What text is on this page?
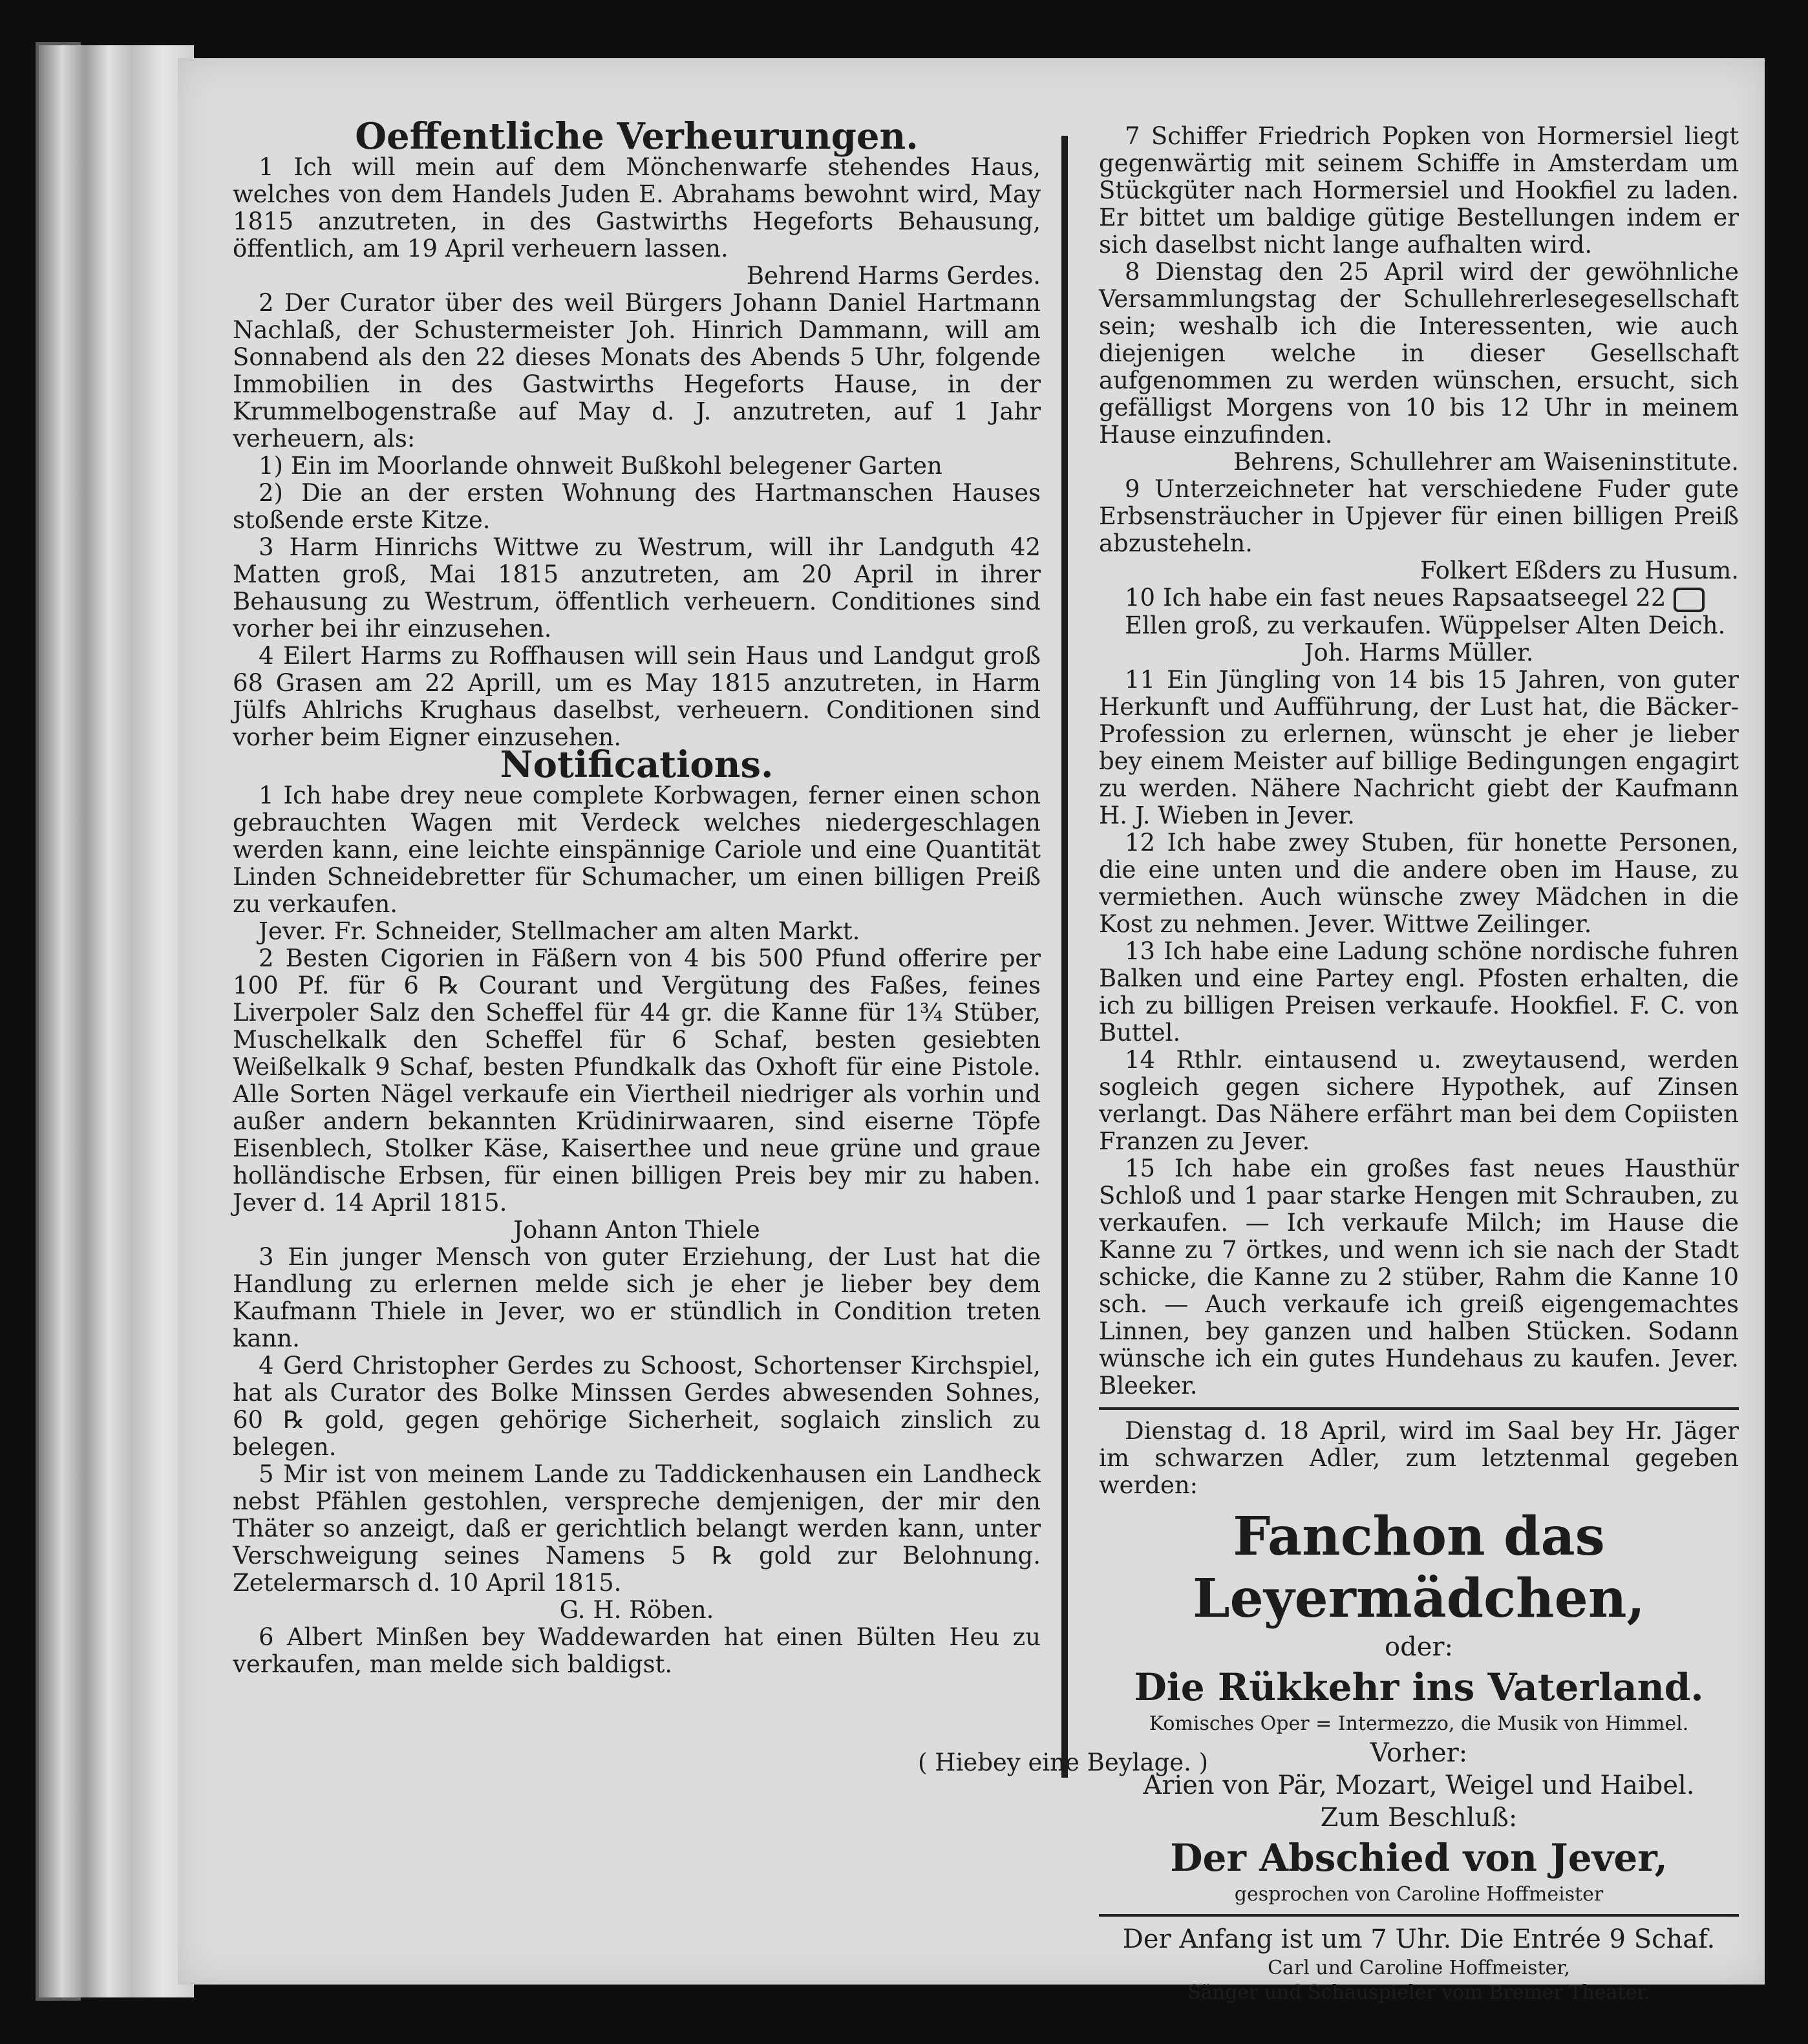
Oeffentliche Verheurungen.

1 Ich will mein auf dem Mönchenwarfe stehendes Haus, welches von dem Handels Juden E. Abrahams bewohnt wird, May 1815 anzutreten, in des Gastwirths Hegeforts Behausung, öffentlich, am 19 April verheuern lassen.

Behrend Harms Gerdes.

2 Der Curator über des weil Bürgers Johann Daniel Hartmann Nachlaß, der Schustermeister Joh. Hinrich Dammann, will am Sonnabend als den 22 dieses Monats des Abends 5 Uhr, folgende Immobilien in des Gastwirths Hegeforts Hause, in der Krummelbogenstraße auf May d. J. anzutreten, auf 1 Jahr verheuern, als:

1) Ein im Moorlande ohnweit Bußkohl belegener Garten

2) Die an der ersten Wohnung des Hartmanschen Hauses stoßende erste Kitze.

3 Harm Hinrichs Wittwe zu Westrum, will ihr Landguth 42 Matten groß, Mai 1815 anzutreten, am 20 April in ihrer Behausung zu Westrum, öffentlich verheuern. Conditiones sind vorher bei ihr einzusehen.

4 Eilert Harms zu Roffhausen will sein Haus und Landgut groß 68 Grasen am 22 Aprill, um es May 1815 anzutreten, in Harm Jülfs Ahlrichs Krughaus daselbst, verheuern. Conditionen sind vorher beim Eigner einzusehen.

Notifications.

1 Ich habe drey neue complete Korbwagen, ferner einen schon gebrauchten Wagen mit Verdeck welches niedergeschlagen werden kann, eine leichte einspännige Cariole und eine Quantität Linden Schneidebretter für Schumacher, um einen billigen Preiß zu verkaufen.

Jever. Fr. Schneider, Stellmacher am alten Markt.

2 Besten Cigorien in Fäßern von 4 bis 500 Pfund offerire per 100 Pf. für 6 ℞ Courant und Vergütung des Faßes, feines Liverpoler Salz den Scheffel für 44 gr. die Kanne für 1¾ Stüber, Muschelkalk den Scheffel für 6 Schaf, besten gesiebten Weißelkalk 9 Schaf, besten Pfundkalk das Oxhoft für eine Pistole. Alle Sorten Nägel verkaufe ein Viertheil niedriger als vorhin und außer andern bekannten Krüdinirwaaren, sind eiserne Töpfe Eisenblech, Stolker Käse, Kaiserthee und neue grüne und graue holländische Erbsen, für einen billigen Preis bey mir zu haben. Jever d. 14 April 1815.

Johann Anton Thiele

3 Ein junger Mensch von guter Erziehung, der Lust hat die Handlung zu erlernen melde sich je eher je lieber bey dem Kaufmann Thiele in Jever, wo er stündlich in Condition treten kann.

4 Gerd Christopher Gerdes zu Schoost, Schortenser Kirchspiel, hat als Curator des Bolke Minssen Gerdes abwesenden Sohnes, 60 ℞ gold, gegen gehörige Sicherheit, soglaich zinslich zu belegen.

5 Mir ist von meinem Lande zu Taddickenhausen ein Landheck nebst Pfählen gestohlen, verspreche demjenigen, der mir den Thäter so anzeigt, daß er gerichtlich belangt werden kann, unter Verschweigung seines Namens 5 ℞ gold zur Belohnung. Zetelermarsch d. 10 April 1815.

G. H. Röben.

6 Albert Minßen bey Waddewarden hat einen Bülten Heu zu verkaufen, man melde sich baldigst.

7 Schiffer Friedrich Popken von Hormersiel liegt gegenwärtig mit seinem Schiffe in Amsterdam um Stückgüter nach Hormersiel und Hookfiel zu laden. Er bittet um baldige gütige Bestellungen indem er sich daselbst nicht lange aufhalten wird.

8 Dienstag den 25 April wird der gewöhnliche Versammlungstag der Schullehrerlesegesellschaft sein; weshalb ich die Interessenten, wie auch diejenigen welche in dieser Gesellschaft aufgenommen zu werden wünschen, ersucht, sich gefälligst Morgens von 10 bis 12 Uhr in meinem Hause einzufinden.

Behrens, Schullehrer am Waiseninstitute.

9 Unterzeichneter hat verschiedene Fuder gute Erbsensträucher in Upjever für einen billigen Preiß abzusteheln.

Folkert Eßders zu Husum.

10 Ich habe ein fast neues Rapsaatseegel 22

Ellen groß, zu verkaufen. Wüppelser Alten Deich.

Joh. Harms Müller.

11 Ein Jüngling von 14 bis 15 Jahren, von guter Herkunft und Aufführung, der Lust hat, die Bäcker-Profession zu erlernen, wünscht je eher je lieber bey einem Meister auf billige Bedingungen engagirt zu werden. Nähere Nachricht giebt der Kaufmann H. J. Wieben in Jever.

12 Ich habe zwey Stuben, für honette Personen, die eine unten und die andere oben im Hause, zu vermiethen. Auch wünsche zwey Mädchen in die Kost zu nehmen. Jever. Wittwe Zeilinger.

13 Ich habe eine Ladung schöne nordische fuhren Balken und eine Partey engl. Pfosten erhalten, die ich zu billigen Preisen verkaufe. Hookfiel. F. C. von Buttel.

14 Rthlr. eintausend u. zweytausend, werden sogleich gegen sichere Hypothek, auf Zinsen verlangt. Das Nähere erfährt man bei dem Copiisten Franzen zu Jever.

15 Ich habe ein großes fast neues Hausthür Schloß und 1 paar starke Hengen mit Schrauben, zu verkaufen. — Ich verkaufe Milch; im Hause die Kanne zu 7 örtkes, und wenn ich sie nach der Stadt schicke, die Kanne zu 2 stüber, Rahm die Kanne 10 sch. — Auch verkaufe ich greiß eigengemachtes Linnen, bey ganzen und halben Stücken. Sodann wünsche ich ein gutes Hundehaus zu kaufen. Jever. Bleeker.

Dienstag d. 18 April, wird im Saal bey Hr. Jäger im schwarzen Adler, zum letztenmal gegeben werden:

Fanchon das Leyermädchen,

oder:

Die Rükkehr ins Vaterland.

Komisches Oper = Intermezzo, die Musik von Himmel.

Vorher:

Arien von Pär, Mozart, Weigel und Haibel.

Zum Beschluß:

Der Abschied von Jever,

gesprochen von Caroline Hoffmeister

Der Anfang ist um 7 Uhr. Die Entrée 9 Schaf.

Carl und Caroline Hoffmeister,

Sänger und Schauspieler vom Bremer Theater.

( Hiebey eine Beylage. )
